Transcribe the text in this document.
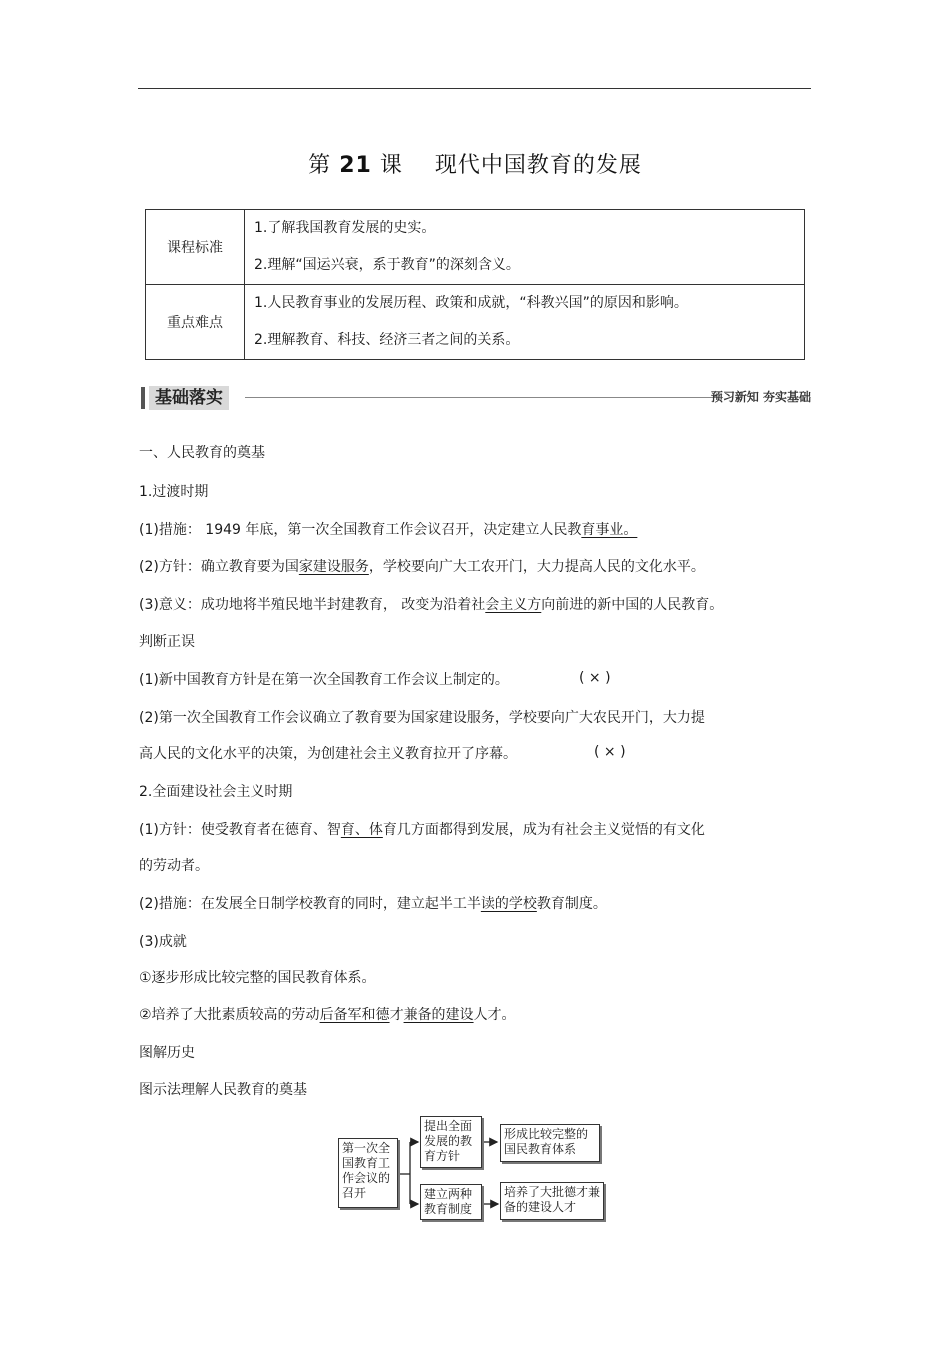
第 21 课 现代中国教育的发展
课程标准	1.了解我国教育发展的史实。
2.理解“国运兴衰，系于教育”的深刻含义。

重点难点	1.人民教育事业的发展历程、政策和成就，“科教兴国”的原因和影响。
2.理解教育、科技、经济三者之间的关系。
基础落实	预习新知 夯实基础
一、人民教育的奠基
1.过渡时期
(1)措施： 1949 年底，第一次全国教育工作会议召开，决定建立人民教育事业。
(2)方针：确立教育要为国家建设服务，学校要向广大工农开门，大力提高人民的文化水平。
(3)意义：成功地将半殖民地半封建教育， 改变为沿着社会主义方向前进的新中国的人民教育。
判断正误
(1)新中国教育方针是在第一次全国教育工作会议上制定的。	( × )
(2)第一次全国教育工作会议确立了教育要为国家建设服务，学校要向广大农民开门，大力提
高人民的文化水平的决策，为创建社会主义教育拉开了序幕。	( × )
2.全面建设社会主义时期
(1)方针：使受教育者在德育、智育、体育几方面都得到发展，成为有社会主义觉悟的有文化
的劳动者。
(2)措施：在发展全日制学校教育的同时，建立起半工半读的学校教育制度。
(3)成就
①逐步形成比较完整的国民教育体系。
②培养了大批素质较高的劳动后备军和德才兼备的建设人才。
图解历史
图示法理解人民教育的奠基
第一次全国教育工作会议的召开
提出全面发展的教育方针
建立两种教育制度
形成比较完整的国民教育体系
培养了大批德才兼备的建设人才
